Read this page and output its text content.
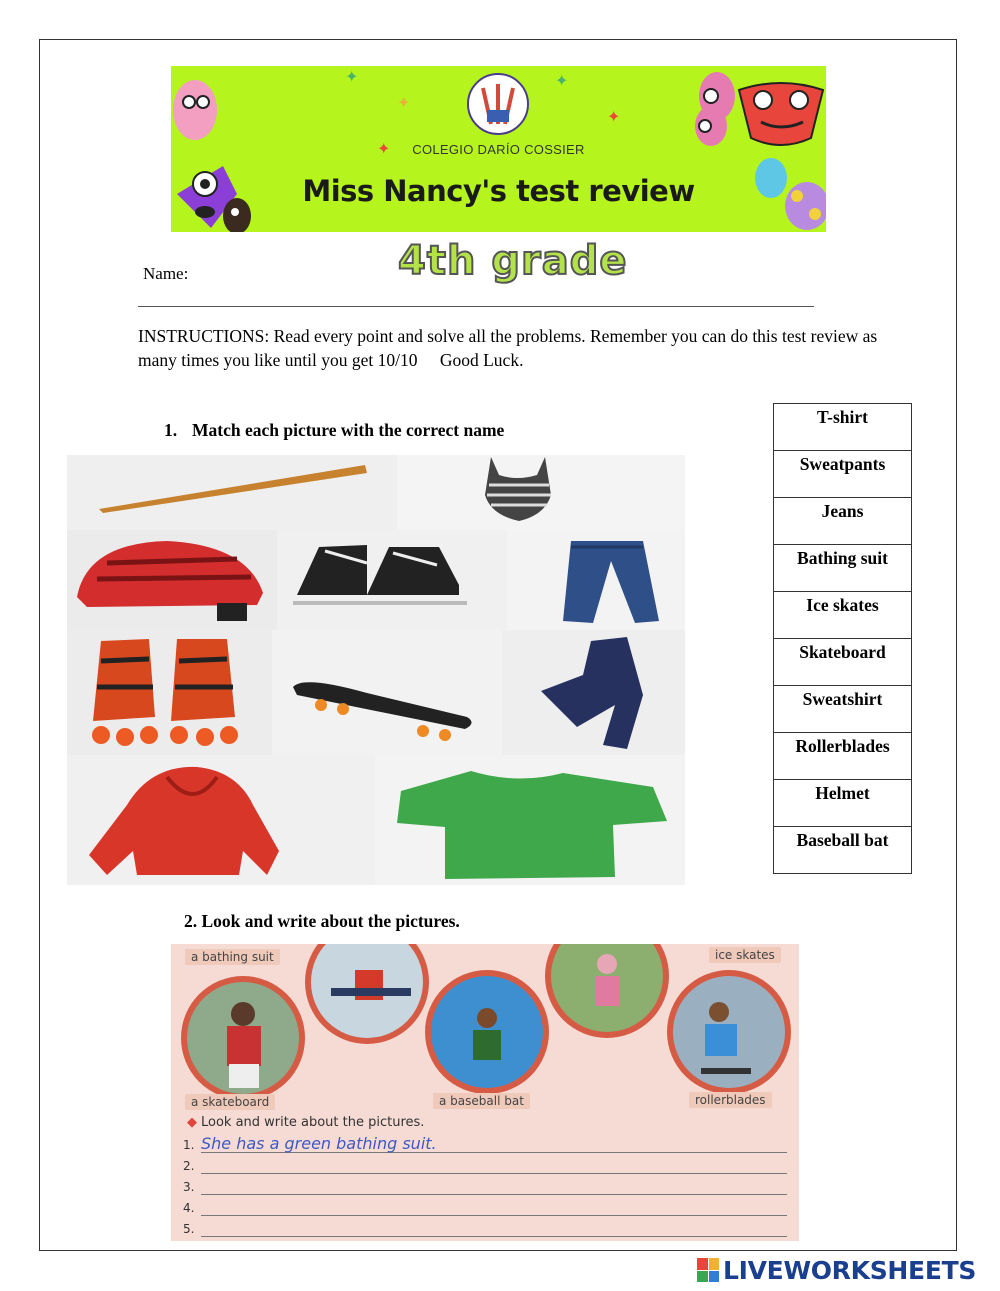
✦
✦
✦
✦
✦
COLEGIO DARÍO COSSIER
Miss Nancy's test review
4th grade
Name:
INSTRUCTIONS: Read every point and solve all the problems. Remember you can do this test review as many times you like until you get 10/10 Good Luck.
1. Match each picture with the correct name
T-shirt
Sweatpants
Jeans
Bathing suit
Ice skates
Skateboard
Sweatshirt
Rollerblades
Helmet
Baseball bat
2. Look and write about the pictures.
a bathing suit	ice skates
a skateboard	a baseball bat	rollerblades
◆ Look and write about the pictures.
1. She has a green bathing suit.
2.
3.
4.
5.
LIVEWORKSHEETS
